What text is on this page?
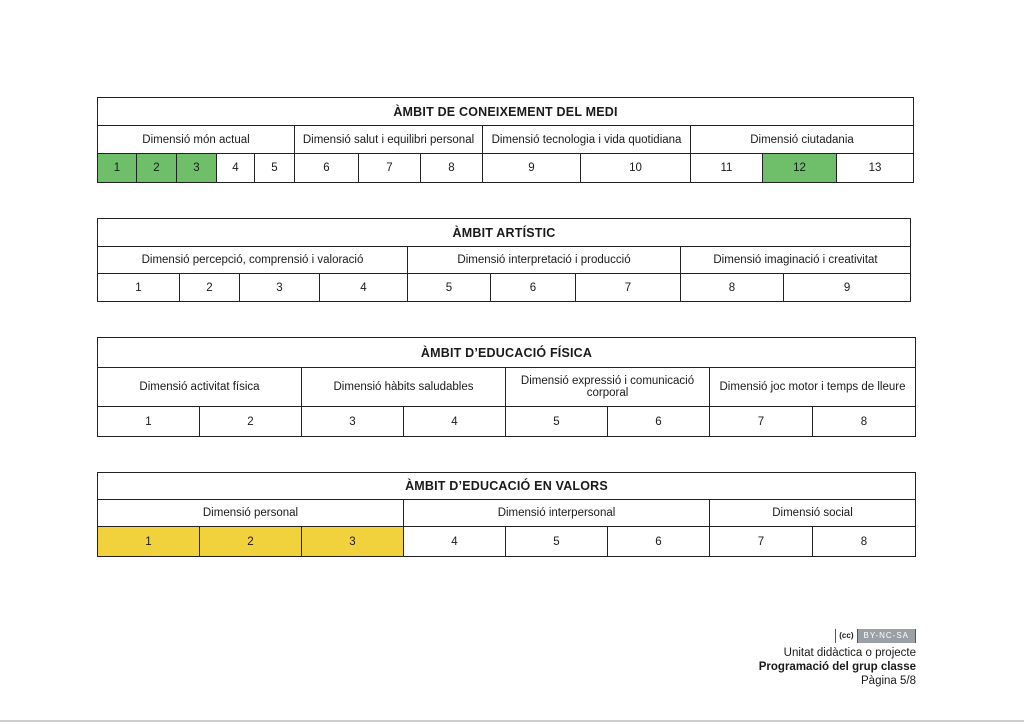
ÀMBIT DE CONEIXEMENT DEL MEDI												
Dimensió món actual					Dimensió salut i equilibri personal			Dimensió tecnologia i vida quotidiana		Dimensió ciutadania		
1	2	3	4	5	6	7	8	9	10	11	12	13
ÀMBIT ARTÍSTIC								
Dimensió percepció, comprensió i valoració				Dimensió interpretació i producció			Dimensió imaginació i creativitat	
1	2	3	4	5	6	7	8	9
ÀMBIT D’EDUCACIÓ FÍSICA							
Dimensió activitat física		Dimensió hàbits saludables		Dimensió expressió i comunicació corporal		Dimensió joc motor i temps de lleure	
1	2	3	4	5	6	7	8
ÀMBIT D’EDUCACIÓ EN VALORS							
Dimensió personal			Dimensió interpersonal			Dimensió social	
1	2	3	4	5	6	7	8
(cc)	BY-NC-SA
Unitat didàctica o projecte
Programació del grup classe
Pàgina 5/8
